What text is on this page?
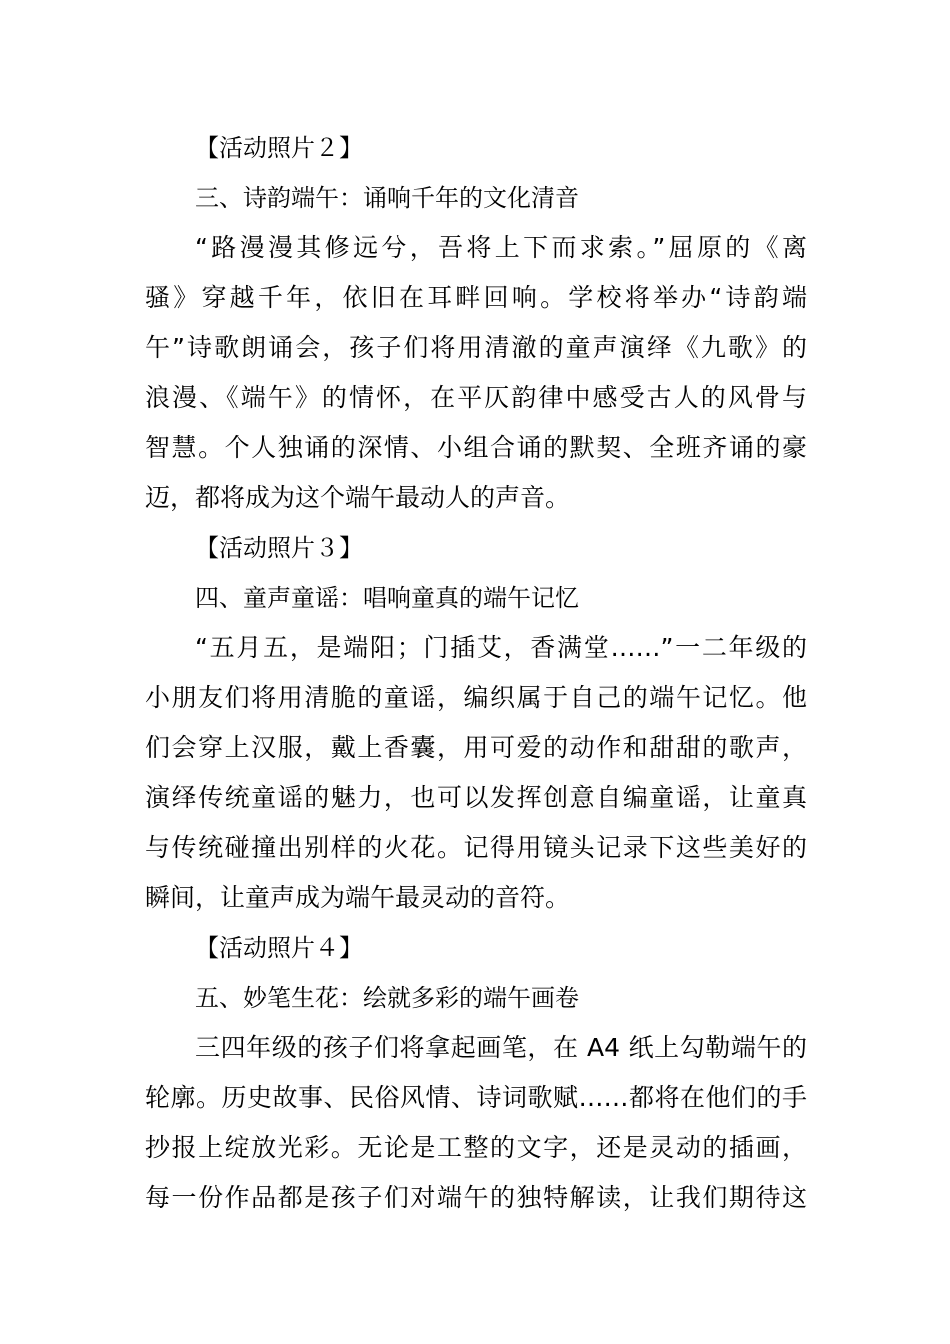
【活动照片２】
三、诗韵端午：诵响千年的文化清音
“路漫漫其修远兮，吾将上下而求索。”屈原的《离
骚》穿越千年，依旧在耳畔回响。学校将举办“诗韵端
午”诗歌朗诵会，孩子们将用清澈的童声演绎《九歌》的
浪漫、《端午》的情怀，在平仄韵律中感受古人的风骨与
智慧。个人独诵的深情、小组合诵的默契、全班齐诵的豪
迈，都将成为这个端午最动人的声音。
【活动照片３】
四、童声童谣：唱响童真的端午记忆
“五月五，是端阳；门插艾，香满堂……”一二年级的
小朋友们将用清脆的童谣，编织属于自己的端午记忆。他
们会穿上汉服，戴上香囊，用可爱的动作和甜甜的歌声，
演绎传统童谣的魅力，也可以发挥创意自编童谣，让童真
与传统碰撞出别样的火花。记得用镜头记录下这些美好的
瞬间，让童声成为端午最灵动的音符。
【活动照片４】
五、妙笔生花：绘就多彩的端午画卷
三四年级的孩子们将拿起画笔，在 A4 纸上勾勒端午的
轮廓。历史故事、民俗风情、诗词歌赋……都将在他们的手
抄报上绽放光彩。无论是工整的文字，还是灵动的插画，
每一份作品都是孩子们对端午的独特解读，让我们期待这
